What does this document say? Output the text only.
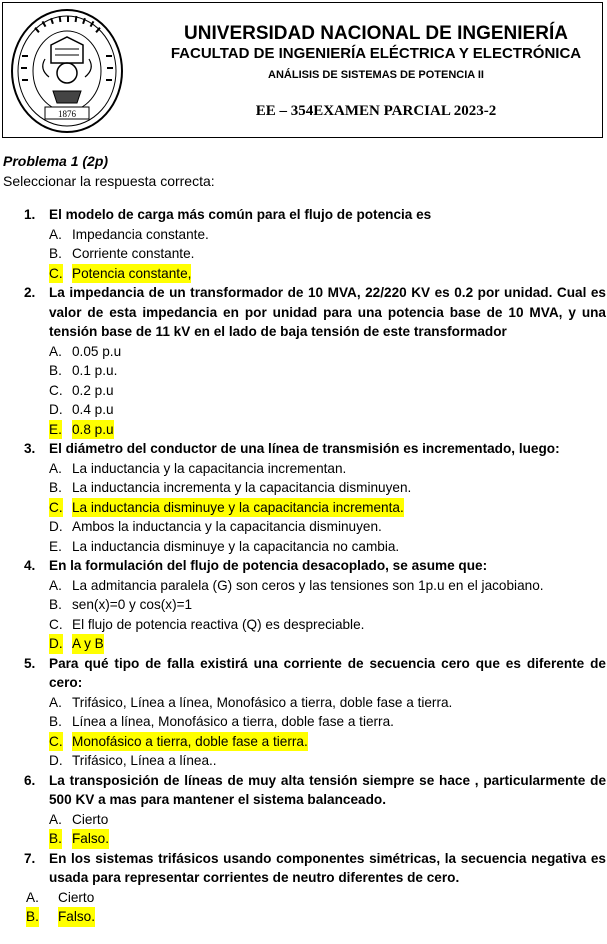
1876
UNIVERSIDAD NACIONAL DE INGENIERÍA
FACULTAD DE INGENIERÍA ELÉCTRICA Y ELECTRÓNICA
ANÁLISIS DE SISTEMAS DE POTENCIA II
EE – 354EXAMEN PARCIAL 2023-2
Problema 1 (2p)
Seleccionar la respuesta correcta:
1. El modelo de carga más común para el flujo de potencia es
A. Impedancia constante.
B. Corriente constante.
C. Potencia constante,
2. La impedancia de un transformador de 10 MVA, 22/220 KV es 0.2 por unidad. Cual es valor de esta impedancia en por unidad para una potencia base de 10 MVA, y una tensión base de 11 kV en el lado de baja tensión de este transformador
A. 0.05 p.u
B. 0.1 p.u.
C. 0.2 p.u
D. 0.4 p.u
E. 0.8 p.u
3. El diámetro del conductor de una línea de transmisión es incrementado, luego:
A. La inductancia y la capacitancia incrementan.
B. La inductancia incrementa y la capacitancia disminuyen.
C. La inductancia disminuye y la capacitancia incrementa.
D. Ambos la inductancia y la capacitancia disminuyen.
E. La inductancia disminuye y la capacitancia no cambia.
4. En la formulación del flujo de potencia desacoplado, se asume que:
A. La admitancia paralela (G) son ceros y las tensiones son 1p.u en el jacobiano.
B. sen(x)=0 y cos(x)=1
C. El flujo de potencia reactiva (Q) es despreciable.
D. A y B
5. Para qué tipo de falla existirá una corriente de secuencia cero que es diferente de cero:
A. Trifásico, Línea a línea, Monofásico a tierra, doble fase a tierra.
B. Línea a línea, Monofásico a tierra, doble fase a tierra.
C. Monofásico a tierra, doble fase a tierra.
D. Trifásico, Línea a línea..
6. La transposición de líneas de muy alta tensión siempre se hace , particularmente de 500 KV a mas para mantener el sistema balanceado.
A. Cierto
B. Falso.
7. En los sistemas trifásicos usando componentes simétricas, la secuencia negativa es usada para representar corrientes de neutro diferentes de cero.
A. Cierto
B. Falso.
